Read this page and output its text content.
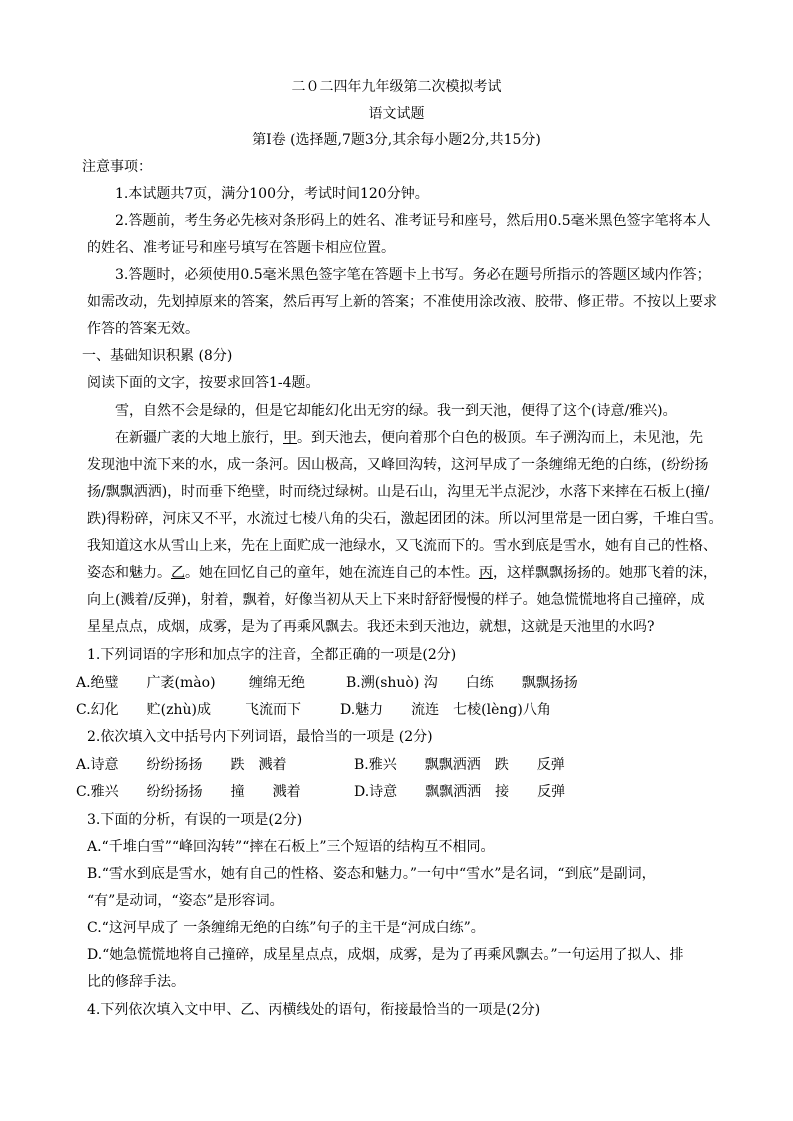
二０二四年九年级第二次模拟考试
语文试题
第Ⅰ卷 (选择题,7题3分,其余每小题2分,共15分)
注意事项：
1.本试题共7页，满分100分，考试时间120分钟。
2.答题前，考生务必先核对条形码上的姓名、准考证号和座号，然后用0.5毫米黑色签字笔将本人
的姓名、准考证号和座号填写在答题卡相应位置。
3.答题时，必须使用0.5毫米黑色签字笔在答题卡上书写。务必在题号所指示的答题区域内作答；
如需改动，先划掉原来的答案，然后再写上新的答案；不准使用涂改液、胶带、修正带。不按以上要求
作答的答案无效。
一、基础知识积累 (8分)
阅读下面的文字，按要求回答1-4题。
雪，自然不会是绿的，但是它却能幻化出无穷的绿。我一到天池，便得了这个(诗意/雅兴)。
在新疆广袤的大地上旅行，甲。到天池去，便向着那个白色的极顶。车子溯沟而上，未见池，先
发现池中流下来的水，成一条河。因山极高，又峰回沟转，这河早成了一条缠绵无绝的白练，(纷纷扬
扬/飘飘洒洒)，时而垂下绝壁，时而绕过绿树。山是石山，沟里无半点泥沙，水落下来摔在石板上(撞/
跌)得粉碎，河床又不平，水流过七棱八角的尖石，激起团团的沫。所以河里常是一团白雾，千堆白雪。
我知道这水从雪山上来，先在上面贮成一池绿水，又飞流而下的。雪水到底是雪水，她有自己的性格、
姿态和魅力。乙。她在回忆自己的童年，她在流连自己的本性。丙，这样飘飘扬扬的。她那飞着的沫，
向上(溅着/反弹)，射着，飘着，好像当初从天上下来时舒舒慢慢的样子。她急慌慌地将自己撞碎，成
星星点点，成烟，成雾，是为了再乘风飘去。我还未到天池边，就想，这就是天池里的水吗?
1.下列词语的字形和加点字的注音，全都正确的一项是(2分)
A.绝璧　　广袤(mào) 缠绵无绝	B.溯(shuò) 沟　　白练　　飘飘扬扬
C.幻化　　贮(zhù)成 飞流而下	D.魅力　　流连　七棱(lèng)八角
2.依次填入文中括号内下列词语，最恰当的一项是 (2分)
A.诗意　　纷纷扬扬　　跌　溅着	B.雅兴　　飘飘洒洒　跌　　反弹
C.雅兴　　纷纷扬扬　　撞　　溅着	D.诗意　　飘飘洒洒　接　　反弹
3.下面的分析，有误的一项是(2分)
A.“千堆白雪”“峰回沟转”“摔在石板上”三个短语的结构互不相同。
B.“雪水到底是雪水，她有自己的性格、姿态和魅力。”一句中“雪水”是名词，“到底”是副词，
“有”是动词，“姿态”是形容词。
C.“这河早成了 一条缠绵无绝的白练”句子的主干是“河成白练”。
D.“她急慌慌地将自己撞碎，成星星点点，成烟，成雾，是为了再乘风飘去。”一句运用了拟人、排
比的修辞手法。
4.下列依次填入文中甲、乙、丙横线处的语句，衔接最恰当的一项是(2分)
